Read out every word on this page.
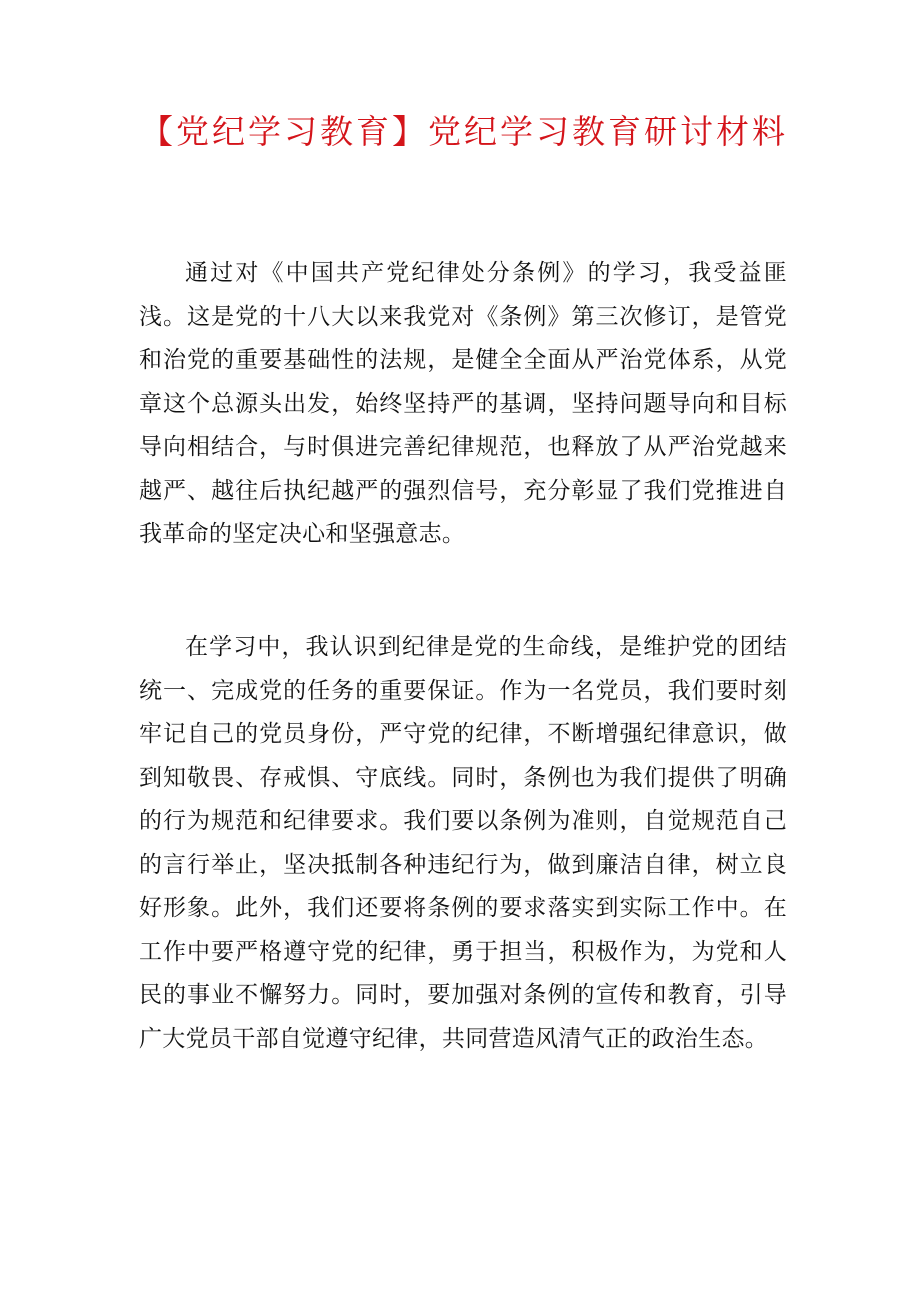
【党纪学习教育】党纪学习教育研讨材料

通过对《中国共产党纪律处分条例》的学习，我受益匪浅。这是党的十八大以来我党对《条例》第三次修订，是管党和治党的重要基础性的法规，是健全全面从严治党体系，从党章这个总源头出发，始终坚持严的基调，坚持问题导向和目标导向相结合，与时俱进完善纪律规范，也释放了从严治党越来越严、越往后执纪越严的强烈信号，充分彰显了我们党推进自我革命的坚定决心和坚强意志。

在学习中，我认识到纪律是党的生命线，是维护党的团结统一、完成党的任务的重要保证。作为一名党员，我们要时刻牢记自己的党员身份，严守党的纪律，不断增强纪律意识，做到知敬畏、存戒惧、守底线。同时，条例也为我们提供了明确的行为规范和纪律要求。我们要以条例为准则，自觉规范自己的言行举止，坚决抵制各种违纪行为，做到廉洁自律，树立良好形象。此外，我们还要将条例的要求落实到实际工作中。在工作中要严格遵守党的纪律，勇于担当，积极作为，为党和人民的事业不懈努力。同时，要加强对条例的宣传和教育，引导广大党员干部自觉遵守纪律，共同营造风清气正的政治生态。
